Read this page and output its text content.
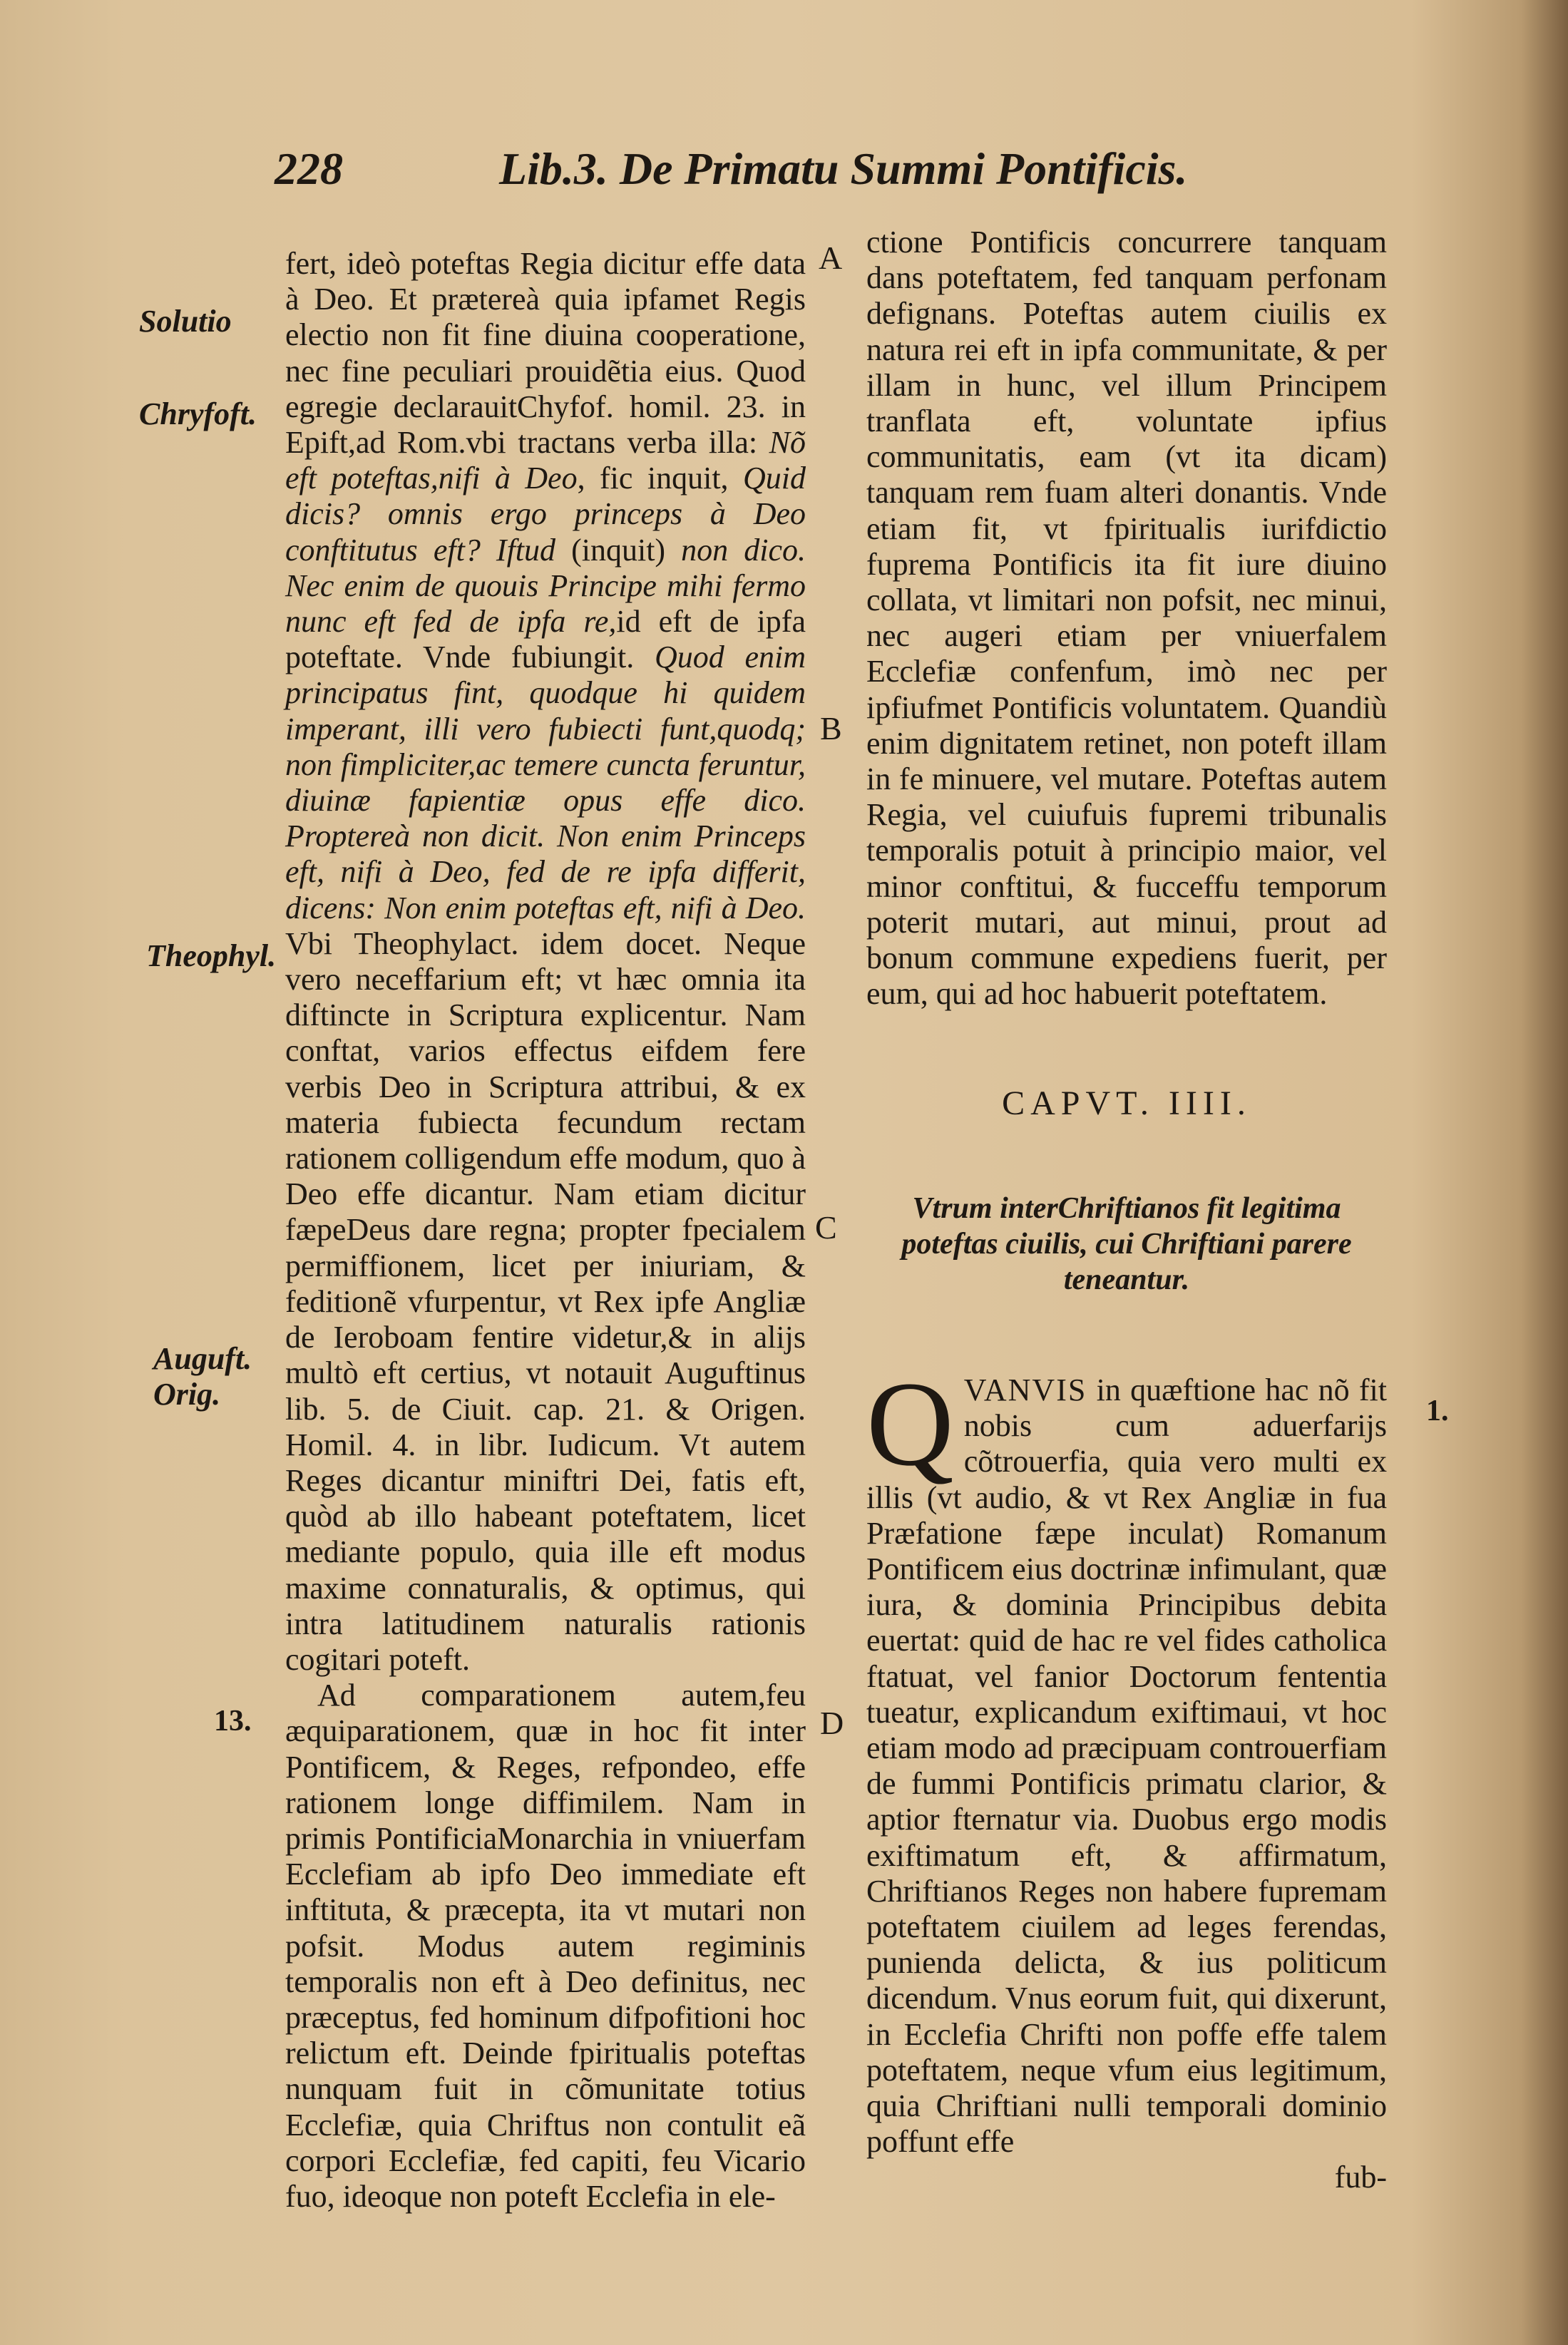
228	Lib.3. De Primatu Summi Pontificis.
Solutio
Chryfoft.
Theophyl.
Auguft.
Orig.
13.
1.
A
B
C
D

fert, ideò poteftas Regia dicitur effe data à Deo. Et prætereà quia ipfamet Regis electio non fit fine diuina cooperatione, nec fine peculiari prouidẽtia eius. Quod egregie declarauitChyfof. homil. 23. in Epift,ad Rom.vbi tractans verba illa: Nõ eft poteftas,nifi à Deo, fic inquit, Quid dicis? omnis ergo princeps à Deo conftitutus eft? Iftud (inquit) non dico. Nec enim de quouis Principe mihi fermo nunc eft fed de ipfa re,id eft de ipfa poteftate. Vnde fubiungit. Quod enim principatus fint, quodque hi quidem imperant, illi vero fubiecti funt,quodq; non fimpliciter,ac temere cuncta feruntur, diuinæ fapientiæ opus effe dico. Proptereà non dicit. Non enim Princeps eft, nifi à Deo, fed de re ipfa differit, dicens: Non enim poteftas eft, nifi à Deo. Vbi Theophylact. idem docet. Neque vero neceffarium eft; vt hæc omnia ita diftincte in Scriptura explicentur. Nam conftat, varios effectus eifdem fere verbis Deo in Scriptura attribui, & ex materia fubiecta fecundum rectam rationem colligendum effe modum, quo à Deo effe dicantur. Nam etiam dicitur fæpeDeus dare regna; propter fpecialem permiffionem, licet per iniuriam, & feditionẽ vfurpentur, vt Rex ipfe Angliæ de Ieroboam fentire videtur,& in alijs multò eft certius, vt notauit Auguftinus lib. 5. de Ciuit. cap. 21. & Origen. Homil. 4. in libr. Iudicum. Vt autem Reges dicantur miniftri Dei, fatis eft, quòd ab illo habeant poteftatem, licet mediante populo, quia ille eft modus maxime connaturalis, & optimus, qui intra latitudinem naturalis rationis cogitari poteft.

Ad comparationem autem,feu æquiparationem, quæ in hoc fit inter Pontificem, & Reges, refpondeo, effe rationem longe diffimilem. Nam in primis PontificiaMonarchia in vniuerfam Ecclefiam ab ipfo Deo immediate eft inftituta, & præcepta, ita vt mutari non pofsit. Modus autem regiminis temporalis non eft à Deo definitus, nec præceptus, fed hominum difpofitioni hoc relictum eft. Deinde fpiritualis poteftas nunquam fuit in cõmunitate totius Ecclefiæ, quia Chriftus non contulit eã corpori Ecclefiæ, fed capiti, feu Vicario fuo, ideoque non poteft Ecclefia in ele-

ctione Pontificis concurrere tanquam dans poteftatem, fed tanquam perfonam defignans. Poteftas autem ciuilis ex natura rei eft in ipfa communitate, & per illam in hunc, vel illum Principem tranflata eft, voluntate ipfius communitatis, eam (vt ita dicam) tanquam rem fuam alteri donantis. Vnde etiam fit, vt fpiritualis iurifdictio fuprema Pontificis ita fit iure diuino collata, vt limitari non pofsit, nec minui, nec augeri etiam per vniuerfalem Ecclefiæ confenfum, imò nec per ipfiufmet Pontificis voluntatem. Quandiù enim dignitatem retinet, non poteft illam in fe minuere, vel mutare. Poteftas autem Regia, vel cuiufuis fupremi tribunalis temporalis potuit à principio maior, vel minor conftitui, & fucceffu temporum poterit mutari, aut minui, prout ad bonum commune expediens fuerit, per eum, qui ad hoc habuerit poteftatem.

CAPVT. IIII.
Vtrum interChriftianos fit legitima poteftas ciuilis, cui Chriftiani parere teneantur.

Q VANVIS in quæftione hac nõ fit nobis cum aduerfarijs cõtrouerfia, quia vero multi ex illis (vt audio, & vt Rex Angliæ in fua Præfatione fæpe inculat) Romanum Pontificem eius doctrinæ infimulant, quæ iura, & dominia Principibus debita euertat: quid de hac re vel fides catholica ftatuat, vel fanior Doctorum fententia tueatur, explicandum exiftimaui, vt hoc etiam modo ad præcipuam controuerfiam de fummi Pontificis primatu clarior, & aptior fternatur via. Duobus ergo modis exiftimatum eft, & affirmatum, Chriftianos Reges non habere fupremam poteftatem ciuilem ad leges ferendas, punienda delicta, & ius politicum dicendum. Vnus eorum fuit, qui dixerunt, in Ecclefia Chrifti non poffe effe talem poteftatem, neque vfum eius legitimum, quia Chriftiani nulli temporali dominio poffunt effe

fub-
